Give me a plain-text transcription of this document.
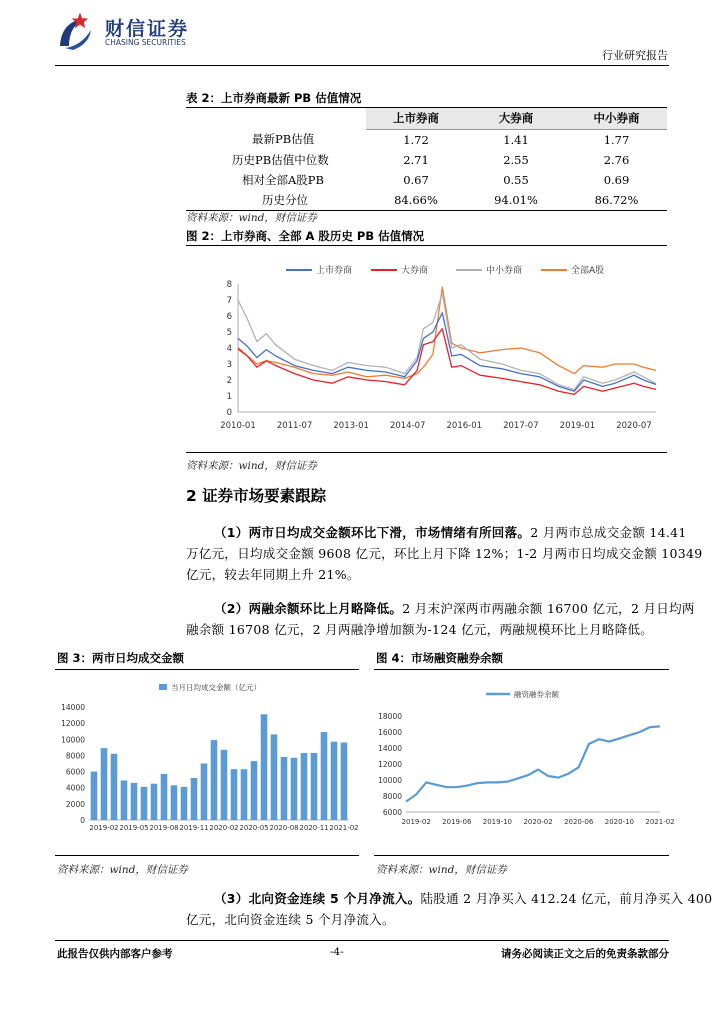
财信证券
CHASING SECURITIES
行业研究报告
表 2：上市券商最新 PB 估值情况
	上市券商	大券商	中小券商
最新PB估值	1.72	1.41	1.77
历史PB估值中位数	2.71	2.55	2.76
相对全部A股PB	0.67	0.55	0.69
历史分位	84.66%	94.01%	86.72%
资料来源：wind，财信证券
图 2：上市券商、全部 A 股历史 PB 估值情况
0
1
2
3
4
5
6
7
8
2010-01 2011-07 2013-01 2014-07 2016-01 2017-07 2019-01 2020-07
上市券商	大券商	中小券商	全部A股
资料来源：wind，财信证券
2 证券市场要素跟踪
（1）两市日均成交金额环比下滑，市场情绪有所回落。2 月两市总成交金额 14.41
万亿元，日均成交金额 9608 亿元，环比上月下降 12%；1-2 月两市日均成交金额 10349
亿元，较去年同期上升 21%。
（2）两融余额环比上月略降低。2 月末沪深两市两融余额 16700 亿元，2 月日均两
融余额 16708 亿元，2 月两融净增加额为-124 亿元，两融规模环比上月略降低。
图 3：两市日均成交金额	图 4：市场融资融券余额
当月日均成交金额（亿元）
0
2000
4000
6000
8000
10000
12000
14000
2019-02 2019-05 2019-08 2019-11 2020-02 2020-05 2020-08 2020-11 2021-02
融资融券余额
6000
8000
10000
12000
14000
16000
18000
2019-02 2019-06 2019-10 2020-02 2020-06 2020-10 2021-02
资料来源：wind，财信证券	资料来源：wind，财信证券
（3）北向资金连续 5 个月净流入。陆股通 2 月净买入 412.24 亿元，前月净买入 400
亿元，北向资金连续 5 个月净流入。
此报告仅供内部客户参考	-4-	请务必阅读正文之后的免责条款部分
